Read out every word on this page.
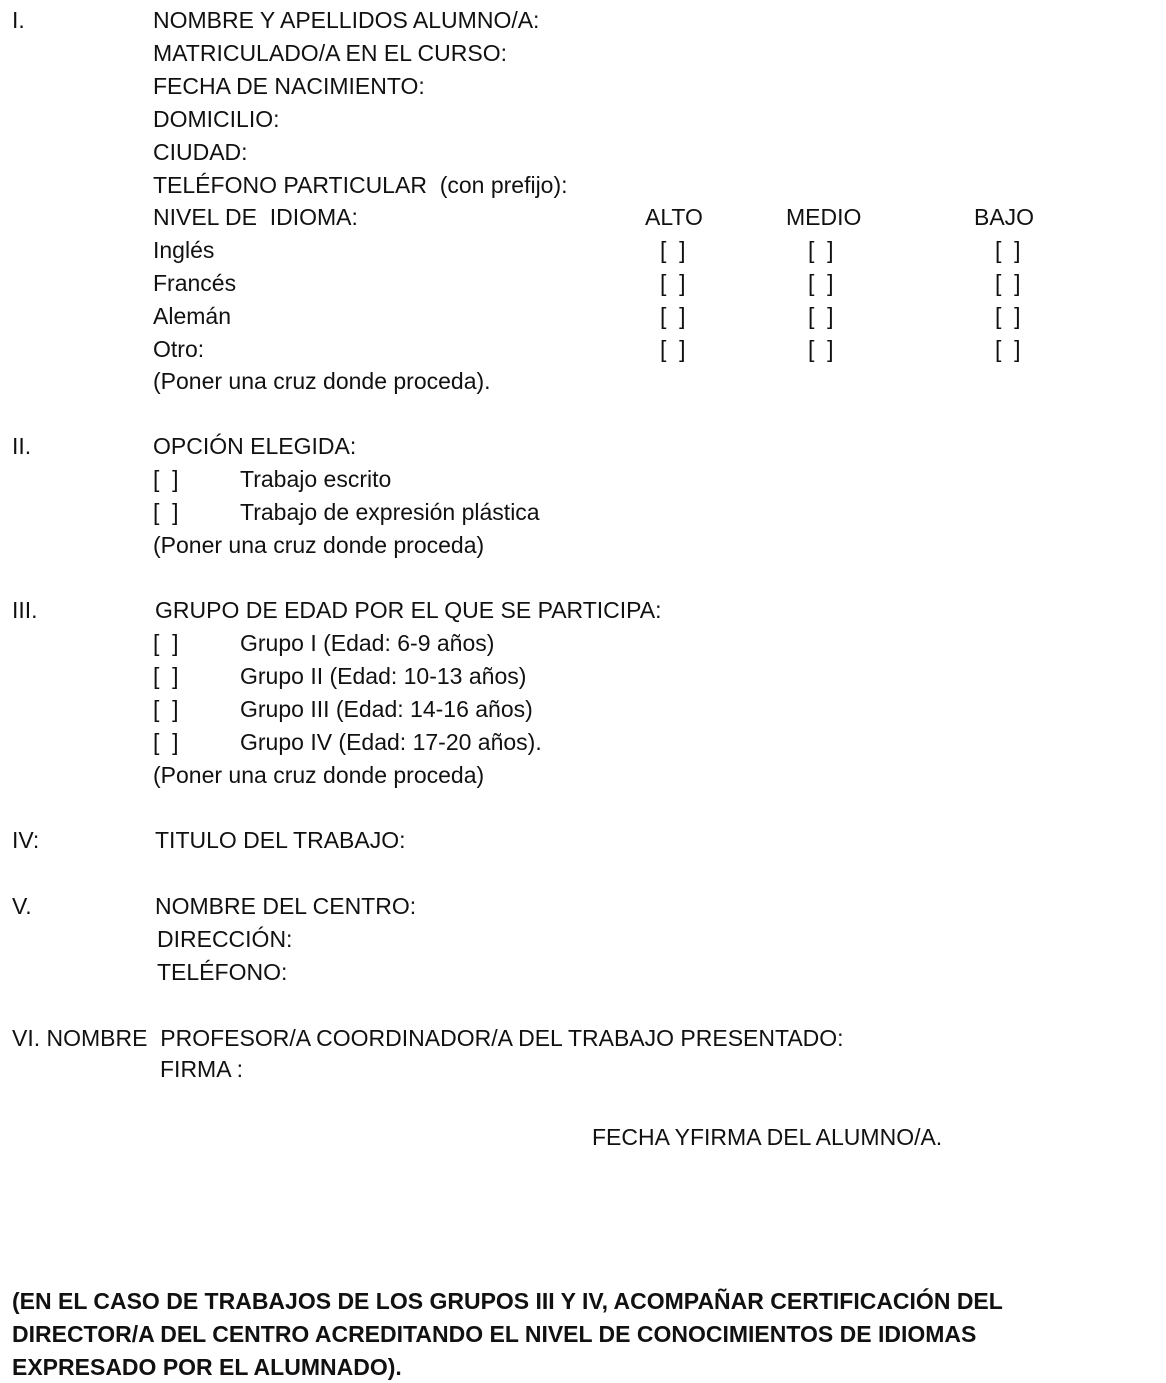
I.	NOMBRE Y APELLIDOS ALUMNO/A:
MATRICULADO/A EN EL CURSO:
FECHA DE NACIMIENTO:
DOMICILIO:
CIUDAD:
TELÉFONO PARTICULAR  (con prefijo):
NIVEL DE  IDIOMA:	ALTO	MEDIO	BAJO
Inglés	[  ]	[  ]	[  ]
Francés	[  ]	[  ]	[  ]
Alemán	[  ]	[  ]	[  ]
Otro:	[  ]	[  ]	[  ]
(Poner una cruz donde proceda).
II.	OPCIÓN ELEGIDA:
[  ]	Trabajo escrito
[  ]	Trabajo de expresión plástica
(Poner una cruz donde proceda)
III.	GRUPO DE EDAD POR EL QUE SE PARTICIPA:
[  ]	Grupo I (Edad: 6-9 años)
[  ]	Grupo II (Edad: 10-13 años)
[  ]	Grupo III (Edad: 14-16 años)
[  ]	Grupo IV (Edad: 17-20 años).
(Poner una cruz donde proceda)
IV:	TITULO DEL TRABAJO:
V.	NOMBRE DEL CENTRO:
DIRECCIÓN:
TELÉFONO:
VI. NOMBRE  PROFESOR/A COORDINADOR/A DEL TRABAJO PRESENTADO:
FIRMA :
FECHA YFIRMA DEL ALUMNO/A.
(EN EL CASO DE TRABAJOS DE LOS GRUPOS III Y IV, ACOMPAÑAR CERTIFICACIÓN DEL
DIRECTOR/A DEL CENTRO ACREDITANDO EL NIVEL DE CONOCIMIENTOS DE IDIOMAS
EXPRESADO POR EL ALUMNADO).
